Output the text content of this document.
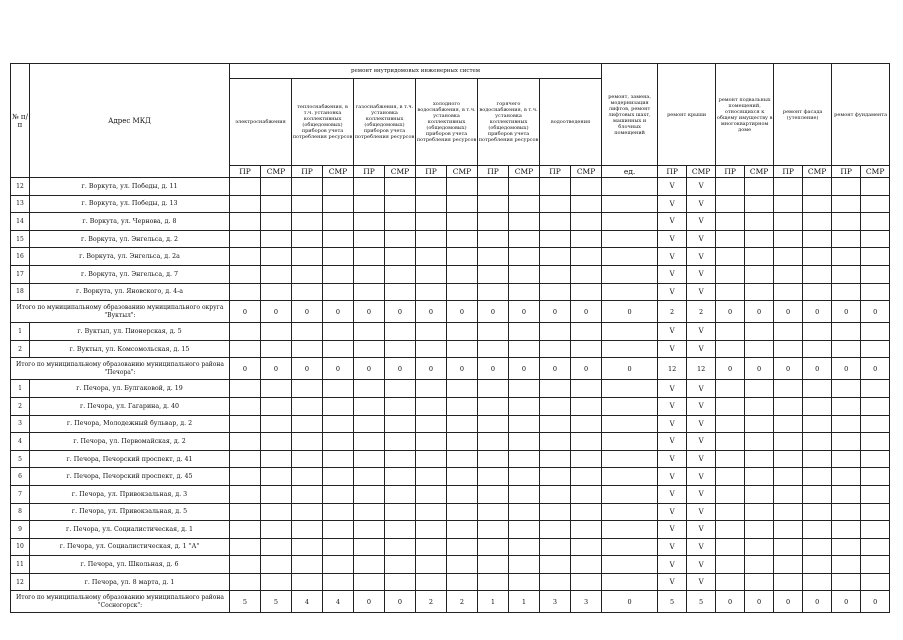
№ п/п	Адрес МКД	ремонт внутридомовых инженерных систем												ремонт, замена, модернизация лифтов, ремонт лифтовых шахт, машинных и блочных помещений	ремонт крыши		ремонт подвальных помещений, относящихся к общему имуществу в многоквартирном доме		ремонт фасада (утепление)		ремонт фундамента	
		электроснабжения		теплоснабжения, в т.ч. установка коллективных (общедомовых) приборов учета потребления ресурсов		газоснабжения, в т.ч. установка коллективных (общедомовых) приборов учета потребления ресурсов		холодного водоснабжения, в т.ч. установка коллективных (общедомовых) приборов учета потребления ресурсов		горячего водоснабжения, в т.ч. установка коллективных (общедомовых) приборов учета потребления ресурсов		водоотведения										
		ПР	СМР	ПР	СМР	ПР	СМР	ПР	СМР	ПР	СМР	ПР	СМР	ед.	ПР	СМР	ПР	СМР	ПР	СМР	ПР	СМР
12	г. Воркута, ул. Победы, д. 11														V	V						
13	г. Воркута, ул. Победы, д. 13														V	V						
14	г. Воркута, ул. Чернова, д. 8														V	V						
15	г. Воркута, ул. Энгельса, д. 2														V	V						
16	г. Воркута, ул. Энгельса, д. 2а														V	V						
17	г. Воркута, ул. Энгельса, д. 7														V	V						
18	г. Воркута, ул. Яновского, д. 4-а														V	V						
Итого по муниципальному образованию муниципального округа "Вуктыл":		0	0	0	0	0	0	0	0	0	0	0	0	0	2	2	0	0	0	0	0	0
1	г. Вуктыл, ул. Пионерская, д. 5														V	V						
2	г. Вуктыл, ул. Комсомольская, д. 15														V	V						
Итого по муниципальному образованию муниципального района "Печора":		0	0	0	0	0	0	0	0	0	0	0	0	0	12	12	0	0	0	0	0	0
1	г. Печора, ул. Булгаковой, д. 19														V	V						
2	г. Печора, ул. Гагарина, д. 40														V	V						
3	г. Печора, Молодежный бульвар, д. 2														V	V						
4	г. Печора, ул. Первомайская, д. 2														V	V						
5	г. Печора, Печорский проспект, д. 41														V	V						
6	г. Печора, Печорский проспект, д. 45														V	V						
7	г. Печора, ул. Привокзальная, д. 3														V	V						
8	г. Печора, ул. Привокзальная, д. 5														V	V						
9	г. Печора, ул. Социалистическая, д. 1														V	V						
10	г. Печора, ул. Социалистическая, д. 1 "А"														V	V						
11	г. Печора, ул. Школьная, д. 6														V	V						
12	г. Печора, ул. 8 марта, д. 1														V	V						
Итого по муниципальному образованию муниципального района "Сосногорск":		5	5	4	4	0	0	2	2	1	1	3	3	0	5	5	0	0	0	0	0	0
